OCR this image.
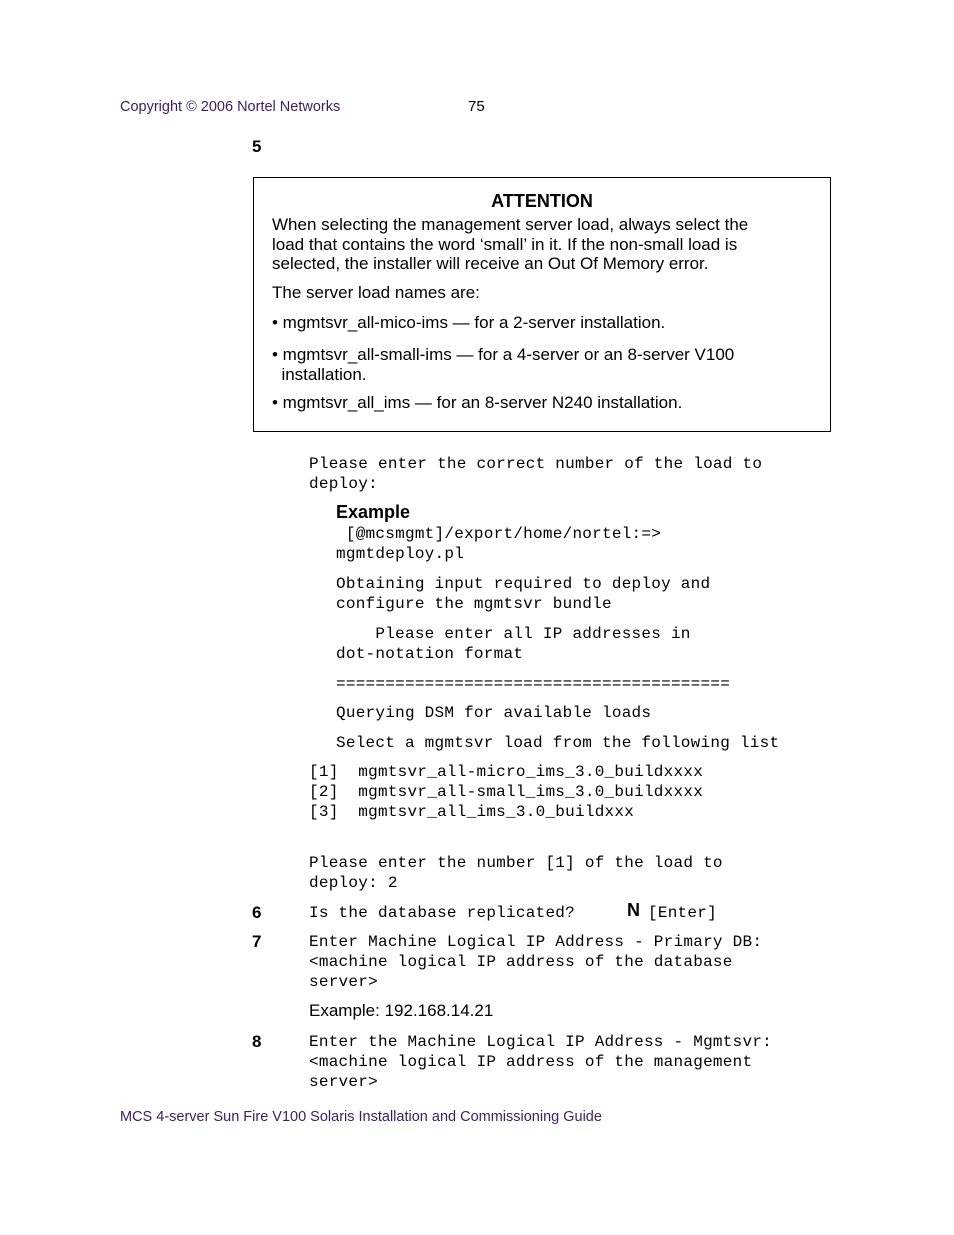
Copyright © 2006 Nortel Networks	75
5
ATTENTION
When selecting the management server load, always select the
load that contains the word ‘small’ in it. If the non-small load is
selected, the installer will receive an Out Of Memory error.
The server load names are:
• mgmtsvr_all-mico-ims — for a 2-server installation.
• mgmtsvr_all-small-ims — for a 4-server or an 8-server V100
installation.
• mgmtsvr_all_ims — for an 8-server N240 installation.
Please enter the correct number of the load to
deploy:
Example
[@mcsmgmt]/export/home/nortel:=>
mgmtdeploy.pl
Obtaining input required to deploy and
configure the mgmtsvr bundle
Please enter all IP addresses in
dot-notation format
========================================
Querying DSM for available loads
Select a mgmtsvr load from the following list
[1]  mgmtsvr_all-micro_ims_3.0_buildxxxx
[2]  mgmtsvr_all-small_ims_3.0_buildxxxx
[3]  mgmtsvr_all_ims_3.0_buildxxx
Please enter the number [1] of the load to
deploy: 2
6	Is the database replicated?	N [Enter]
7	Enter Machine Logical IP Address - Primary DB:
<machine logical IP address of the database
server>
Example: 192.168.14.21
8	Enter the Machine Logical IP Address - Mgmtsvr:
<machine logical IP address of the management
server>
MCS 4-server Sun Fire V100 Solaris Installation and Commissioning Guide
